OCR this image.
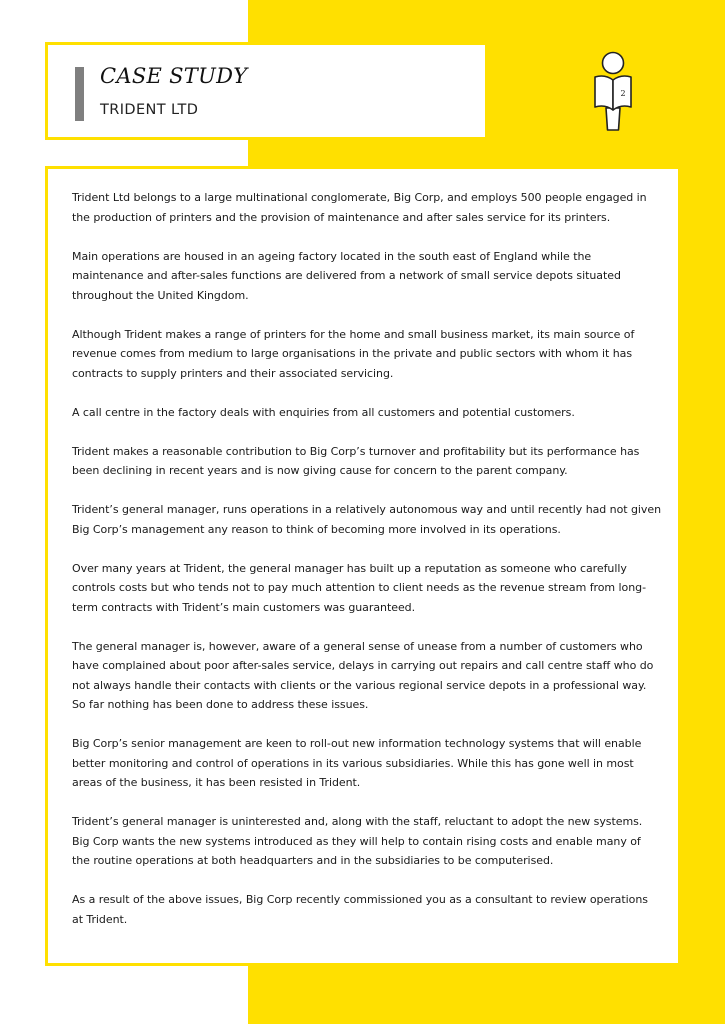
CASE STUDY
TRIDENT LTD
2

Trident Ltd belongs to a large multinational conglomerate, Big Corp, and employs 500 people engaged in the production of printers and the provision of maintenance and after sales service for its printers.

Main operations are housed in an ageing factory located in the south east of England while the maintenance and after-sales functions are delivered from a network of small service depots situated throughout the United Kingdom.

Although Trident makes a range of printers for the home and small business market, its main source of revenue comes from medium to large organisations in the private and public sectors with whom it has contracts to supply printers and their associated servicing.

A call centre in the factory deals with enquiries from all customers and potential customers.

Trident makes a reasonable contribution to Big Corp’s turnover and profitability but its performance has been declining in recent years and is now giving cause for concern to the parent company.

Trident’s general manager, runs operations in a relatively autonomous way and until recently had not given Big Corp’s management any reason to think of becoming more involved in its operations.

Over many years at Trident, the general manager has built up a reputation as someone who carefully controls costs but who tends not to pay much attention to client needs as the revenue stream from long-term contracts with Trident’s main customers was guaranteed.

The general manager is, however, aware of a general sense of unease from a number of customers who have complained about poor after-sales service, delays in carrying out repairs and call centre staff who do not always handle their contacts with clients or the various regional service depots in a professional way. So far nothing has been done to address these issues.

Big Corp’s senior management are keen to roll-out new information technology systems that will enable better monitoring and control of operations in its various subsidiaries. While this has gone well in most areas of the business, it has been resisted in Trident.

Trident’s general manager is uninterested and, along with the staff, reluctant to adopt the new systems. Big Corp wants the new systems introduced as they will help to contain rising costs and enable many of the routine operations at both headquarters and in the subsidiaries to be computerised.

As a result of the above issues, Big Corp recently commissioned you as a consultant to review operations at Trident.
